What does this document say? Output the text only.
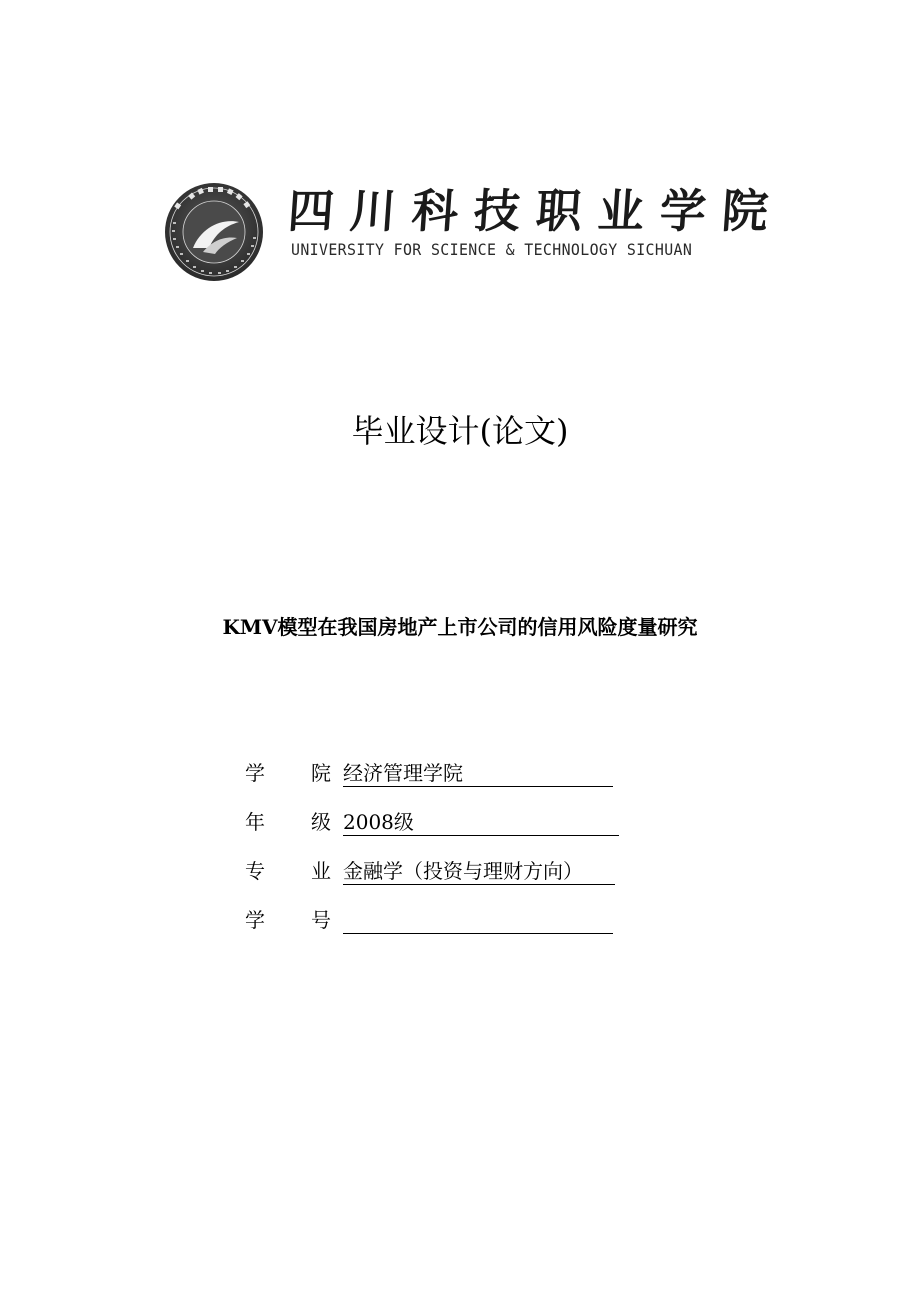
四川科技职业学院
UNIVERSITY FOR SCIENCE & TECHNOLOGY SICHUAN
毕业设计(论文)
KMV模型在我国房地产上市公司的信用风险度量研究
学 院 经济管理学院
年 级 2008级
专 业 金融学（投资与理财方向）
学 号
